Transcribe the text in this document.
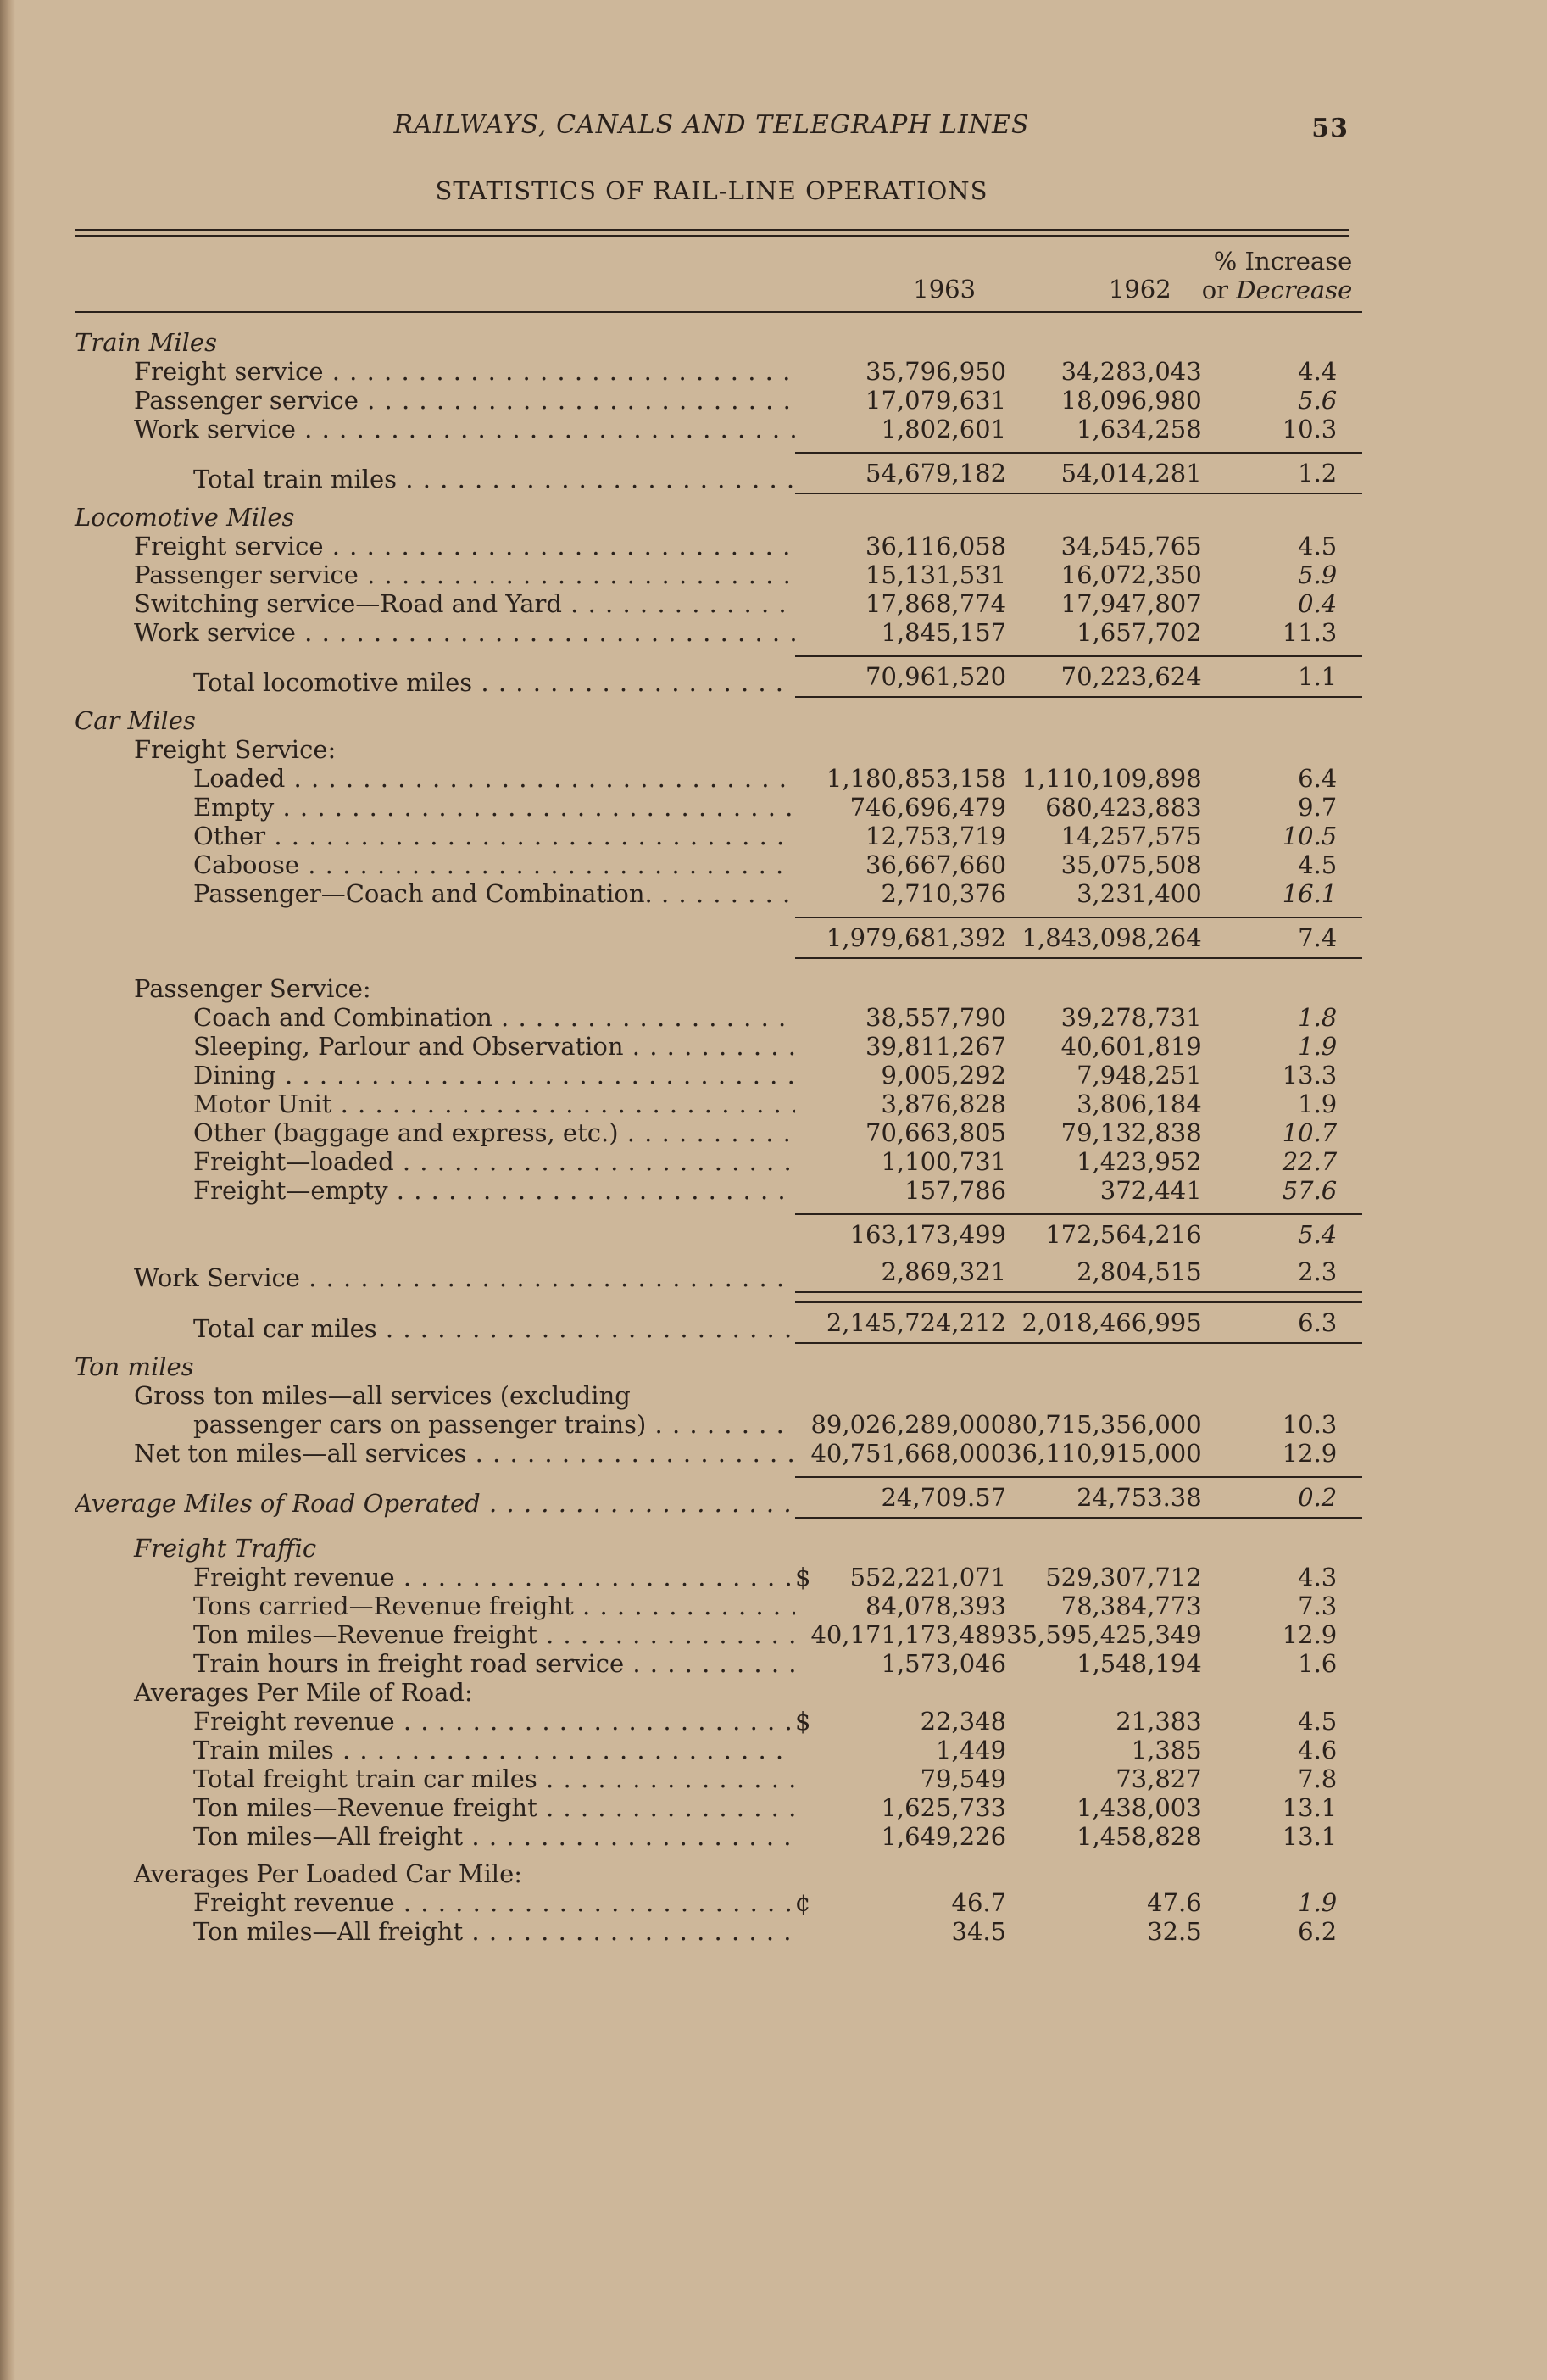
RAILWAYS, CANALS AND TELEGRAPH LINES	53
STATISTICS OF RAIL-LINE OPERATIONS
		1963	1962	% Increase
or Decrease

Train Miles				

Freight service . . .		35,796,950	34,283,043	4.4

Passenger service . . .		17,079,631	18,096,980	5.6

Work service . . .		1,802,601	1,634,258	10.3

Total train miles . . .		54,679,182	54,014,281	1.2

Locomotive Miles				

Freight service . . .		36,116,058	34,545,765	4.5

Passenger service . . .		15,131,531	16,072,350	5.9

Switching service—Road and Yard . . .		17,868,774	17,947,807	0.4

Work service . . .		1,845,157	1,657,702	11.3

Total locomotive miles . . .		70,961,520	70,223,624	1.1

Car Miles				
Freight Service:				

Loaded . . .		1,180,853,158	1,110,109,898	6.4

Empty . . .		746,696,479	680,423,883	9.7

Other . . .		12,753,719	14,257,575	10.5

Caboose . . .		36,667,660	35,075,508	4.5

Passenger—Coach and Combination. . . .		2,710,376	3,231,400	16.1

		1,979,681,392	1,843,098,264	7.4

Passenger Service:				

Coach and Combination . . .		38,557,790	39,278,731	1.8

Sleeping, Parlour and Observation . . .		39,811,267	40,601,819	1.9

Dining . . .		9,005,292	7,948,251	13.3

Motor Unit . . .		3,876,828	3,806,184	1.9

Other (baggage and express, etc.) . . .		70,663,805	79,132,838	10.7

Freight—loaded . . .		1,100,731	1,423,952	22.7

Freight—empty . . .		157,786	372,441	57.6

		163,173,499	172,564,216	5.4

Work Service . . .		2,869,321	2,804,515	2.3

Total car miles . . .		2,145,724,212	2,018,466,995	6.3

Ton miles				
Gross ton miles—all services (excluding				

passenger cars on passenger trains) . . .		89,026,289,000	80,715,356,000	10.3

Net ton miles—all services . . .		40,751,668,000	36,110,915,000	12.9

Average Miles of Road Operated . . .		24,709.57	24,753.38	0.2

Freight Traffic				

Freight revenue . . .	$	552,221,071	529,307,712	4.3

Tons carried—Revenue freight . . .		84,078,393	78,384,773	7.3

Ton miles—Revenue freight . . .		40,171,173,489	35,595,425,349	12.9

Train hours in freight road service . . .		1,573,046	1,548,194	1.6
Averages Per Mile of Road:				

Freight revenue . . .	$	22,348	21,383	4.5

Train miles . . .		1,449	1,385	4.6

Total freight train car miles . . .		79,549	73,827	7.8

Ton miles—Revenue freight . . .		1,625,733	1,438,003	13.1

Ton miles—All freight . . .		1,649,226	1,458,828	13.1

Averages Per Loaded Car Mile:				

Freight revenue . . .	¢	46.7	47.6	1.9

Ton miles—All freight . . .		34.5	32.5	6.2
